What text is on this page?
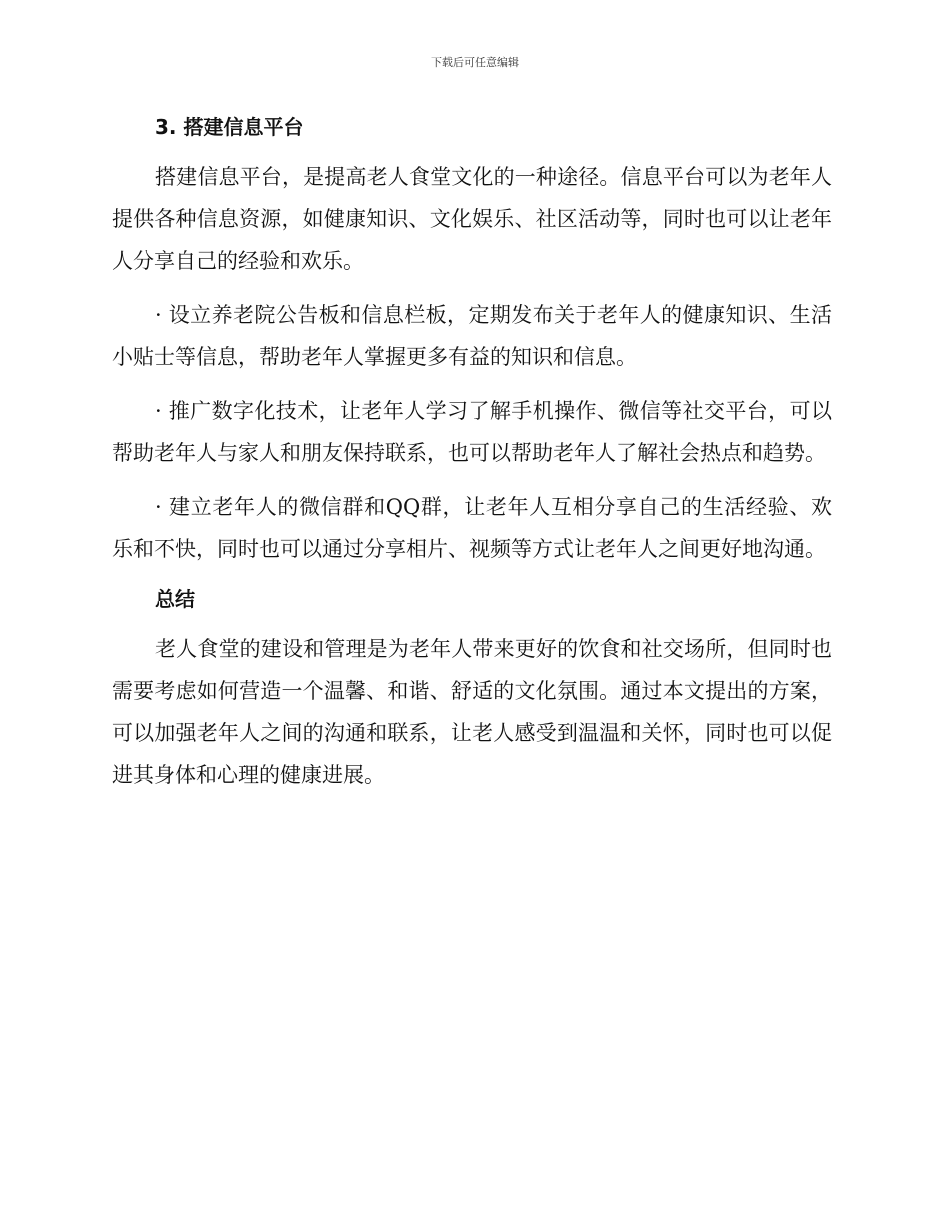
下载后可任意编辑
3. 搭建信息平台

搭建信息平台，是提高老人食堂文化的一种途径。信息平台可以为老年人提供各种信息资源，如健康知识、文化娱乐、社区活动等，同时也可以让老年人分享自己的经验和欢乐。

· 设立养老院公告板和信息栏板，定期发布关于老年人的健康知识、生活小贴士等信息，帮助老年人掌握更多有益的知识和信息。

· 推广数字化技术，让老年人学习了解手机操作、微信等社交平台，可以帮助老年人与家人和朋友保持联系，也可以帮助老年人了解社会热点和趋势。

· 建立老年人的微信群和QQ群，让老年人互相分享自己的生活经验、欢乐和不快，同时也可以通过分享相片、视频等方式让老年人之间更好地沟通。

总结

老人食堂的建设和管理是为老年人带来更好的饮食和社交场所，但同时也需要考虑如何营造一个温馨、和谐、舒适的文化氛围。通过本文提出的方案，可以加强老年人之间的沟通和联系，让老人感受到温温和关怀，同时也可以促进其身体和心理的健康进展。
